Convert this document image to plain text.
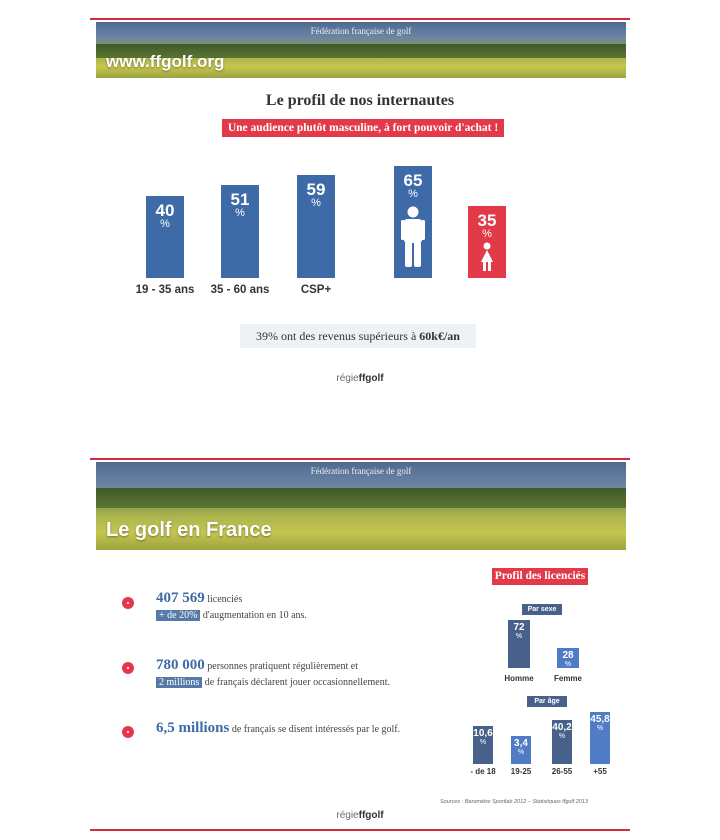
Fédération française de golf
www.ffgolf.org
Le profil de nos internautes
Une audience plutôt masculine, à fort pouvoir d'achat !
40
%
51
%
59
%
19 - 35 ans	35 - 60 ans	CSP+
65
%
35
%
39% ont des revenus supérieurs à 60k€/an
régieffgolf
Fédération française de golf
Le golf en France
407 569 licenciés
+ de 20% d'augmentation en 10 ans.
780 000 personnes pratiquent régulièrement et
2 millions de français déclarent jouer occasionnellement.
6,5 millions de français se disent intéressés par le golf.
Profil des licenciés
Par sexe
72
%
28
%
Homme	Femme
Par âge
10,6
%	3,4
%
40,2
%
45,8
%
- de 18	19-25	26-55	+55
Sources : Baromètre Sportlab 2012 – Statistiques ffgolf 2013
régieffgolf
